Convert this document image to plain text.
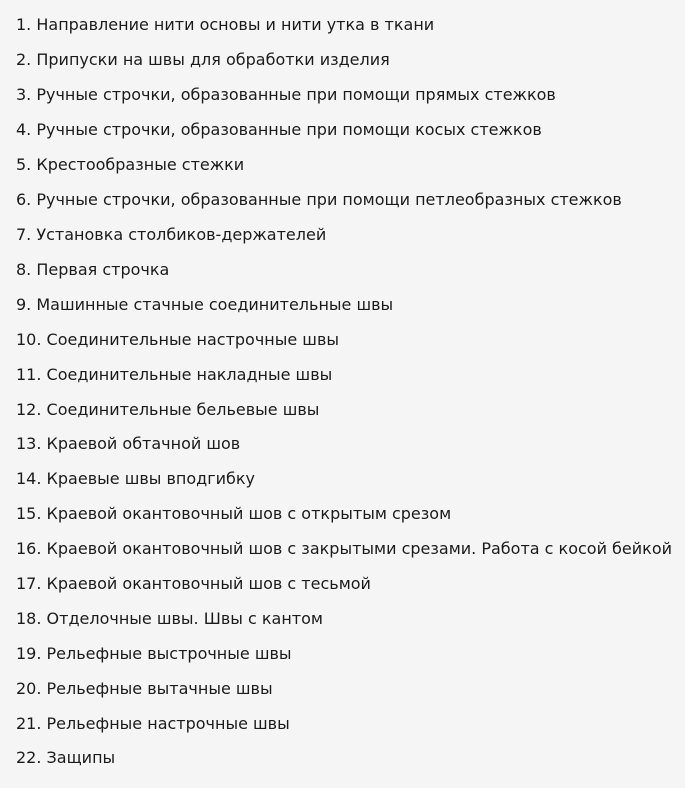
1. Направление нити основы и нити утка в ткани
2. Припуски на швы для обработки изделия
3. Ручные строчки, образованные при помощи прямых стежков
4. Ручные строчки, образованные при помощи косых стежков
5. Крестообразные стежки
6. Ручные строчки, образованные при помощи петлеобразных стежков
7. Установка столбиков-держателей
8. Первая строчка
9. Машинные стачные соединительные швы
10. Соединительные настрочные швы
11. Соединительные накладные швы
12. Соединительные бельевые швы
13. Краевой обтачной шов
14. Краевые швы вподгибку
15. Краевой окантовочный шов с открытым срезом
16. Краевой окантовочный шов с закрытыми срезами. Работа с косой бейкой
17. Краевой окантовочный шов с тесьмой
18. Отделочные швы. Швы с кантом
19. Рельефные выстрочные швы
20. Рельефные вытачные швы
21. Рельефные настрочные швы
22. Защипы
